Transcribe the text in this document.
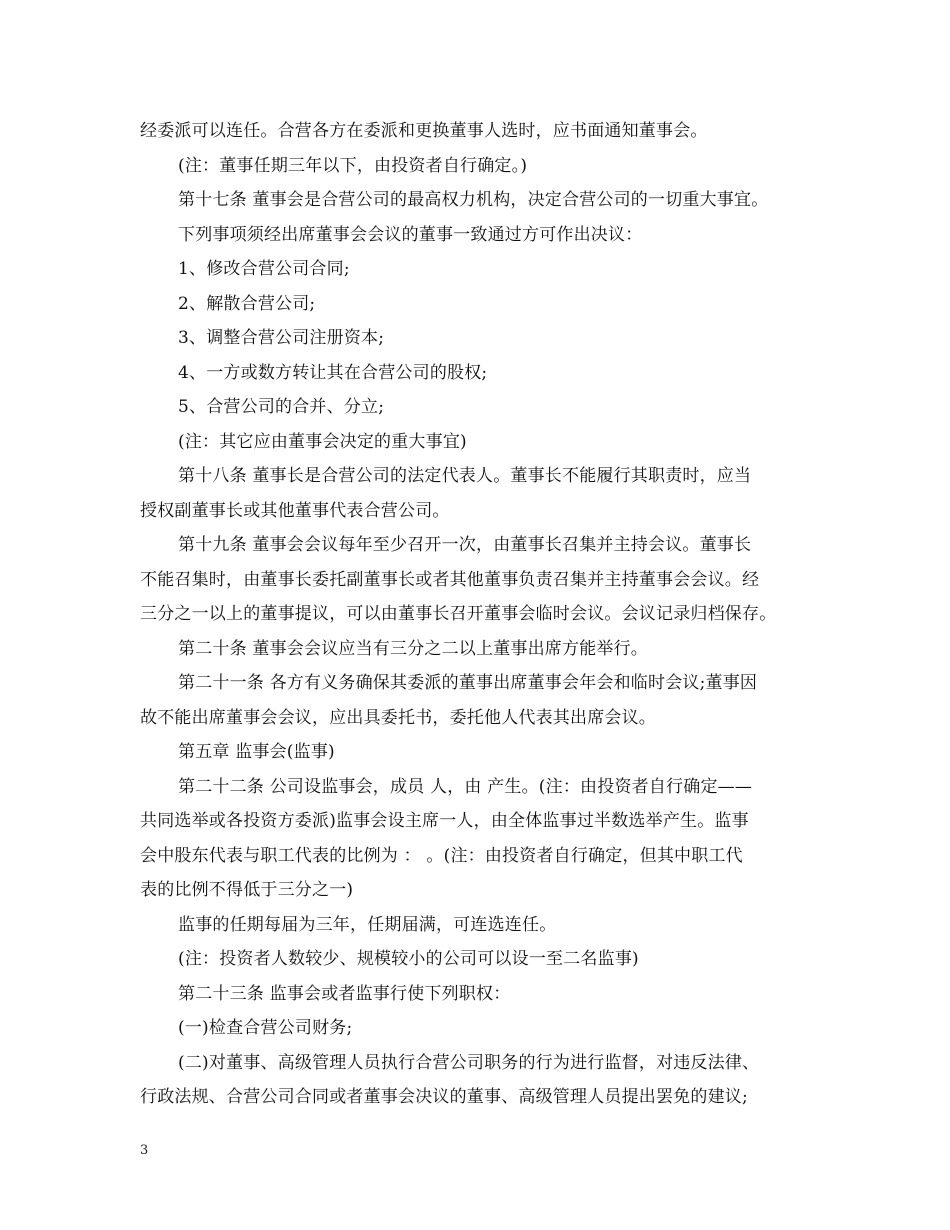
经委派可以连任。合营各方在委派和更换董事人选时，应书面通知董事会。
(注：董事任期三年以下，由投资者自行确定。)
第十七条 董事会是合营公司的最高权力机构，决定合营公司的一切重大事宜。
下列事项须经出席董事会会议的董事一致通过方可作出决议：
1、修改合营公司合同;
2、解散合营公司;
3、调整合营公司注册资本;
4、一方或数方转让其在合营公司的股权;
5、合营公司的合并、分立;
(注：其它应由董事会决定的重大事宜)
第十八条 董事长是合营公司的法定代表人。董事长不能履行其职责时，应当
授权副董事长或其他董事代表合营公司。
第十九条 董事会会议每年至少召开一次，由董事长召集并主持会议。董事长
不能召集时，由董事长委托副董事长或者其他董事负责召集并主持董事会会议。经
三分之一以上的董事提议，可以由董事长召开董事会临时会议。会议记录归档保存。
第二十条 董事会会议应当有三分之二以上董事出席方能举行。
第二十一条 各方有义务确保其委派的董事出席董事会年会和临时会议;董事因
故不能出席董事会会议，应出具委托书，委托他人代表其出席会议。
第五章 监事会(监事)
第二十二条 公司设监事会，成员 人，由 产生。(注：由投资者自行确定——
共同选举或各投资方委派)监事会设主席一人，由全体监事过半数选举产生。监事
会中股东代表与职工代表的比例为 ： 。(注：由投资者自行确定，但其中职工代
表的比例不得低于三分之一)
监事的任期每届为三年，任期届满，可连选连任。
(注：投资者人数较少、规模较小的公司可以设一至二名监事)
第二十三条 监事会或者监事行使下列职权：
(一)检查合营公司财务;
(二)对董事、高级管理人员执行合营公司职务的行为进行监督，对违反法律、
行政法规、合营公司合同或者董事会决议的董事、高级管理人员提出罢免的建议;
3
